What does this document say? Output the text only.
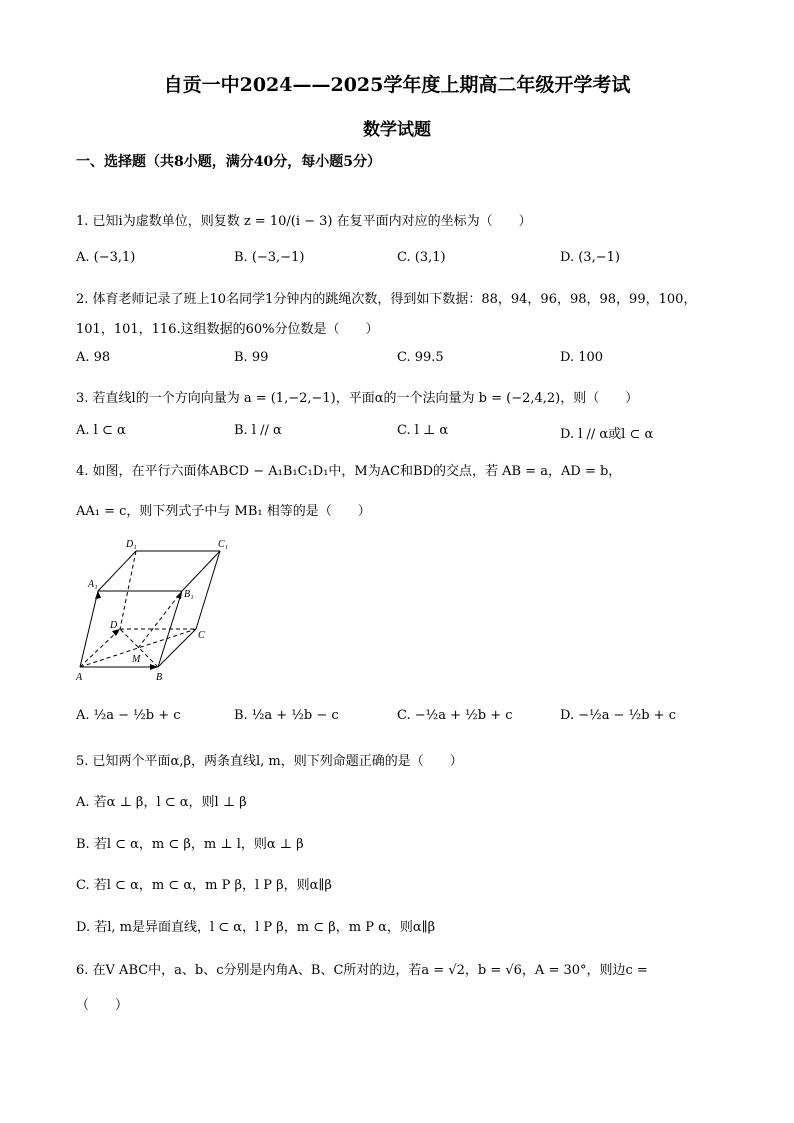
自贡一中2024——2025学年度上期高二年级开学考试
数学试题
一、选择题（共8小题，满分40分，每小题5分）
1. 已知i为虚数单位，则复数 z = 10/(i − 3) 在复平面内对应的坐标为（　　）
A. (−3,1)	B. (−3,−1)	C. (3,1)	D. (3,−1)
2. 体育老师记录了班上10名同学1分钟内的跳绳次数，得到如下数据：88，94，96，98，98，99，100，
101，101，116.这组数据的60%分位数是（　　）
A. 98	B. 99	C. 99.5	D. 100
3. 若直线l的一个方向向量为 a = (1,−2,−1)，平面α的一个法向量为 b = (−2,4,2)，则（　　）
A. l ⊂ α	B. l // α	C. l ⊥ α	D. l // α或l ⊂ α
4. 如图，在平行六面体ABCD − A₁B₁C₁D₁中，M为AC和BD的交点，若 AB = a，AD = b，
AA₁ = c，则下列式子中与 MB₁ 相等的是（　　）
D₁	C₁
A₁
B₁
D
C
M
A	B
A. ½a − ½b + c	B. ½a + ½b − c	C. −½a + ½b + c	D. −½a − ½b + c
5. 已知两个平面α,β，两条直线l, m，则下列命题正确的是（　　）
A. 若α ⊥ β，l ⊂ α，则l ⊥ β
B. 若l ⊂ α，m ⊂ β，m ⊥ l，则α ⊥ β
C. 若l ⊂ α，m ⊂ α，m P β，l P β，则α∥β
D. 若l, m是异面直线，l ⊂ α，l P β，m ⊂ β，m P α，则α∥β
6. 在V ABC中，a、b、c分别是内角A、B、C所对的边，若a = √2，b = √6，A = 30°，则边c =
（　　）
